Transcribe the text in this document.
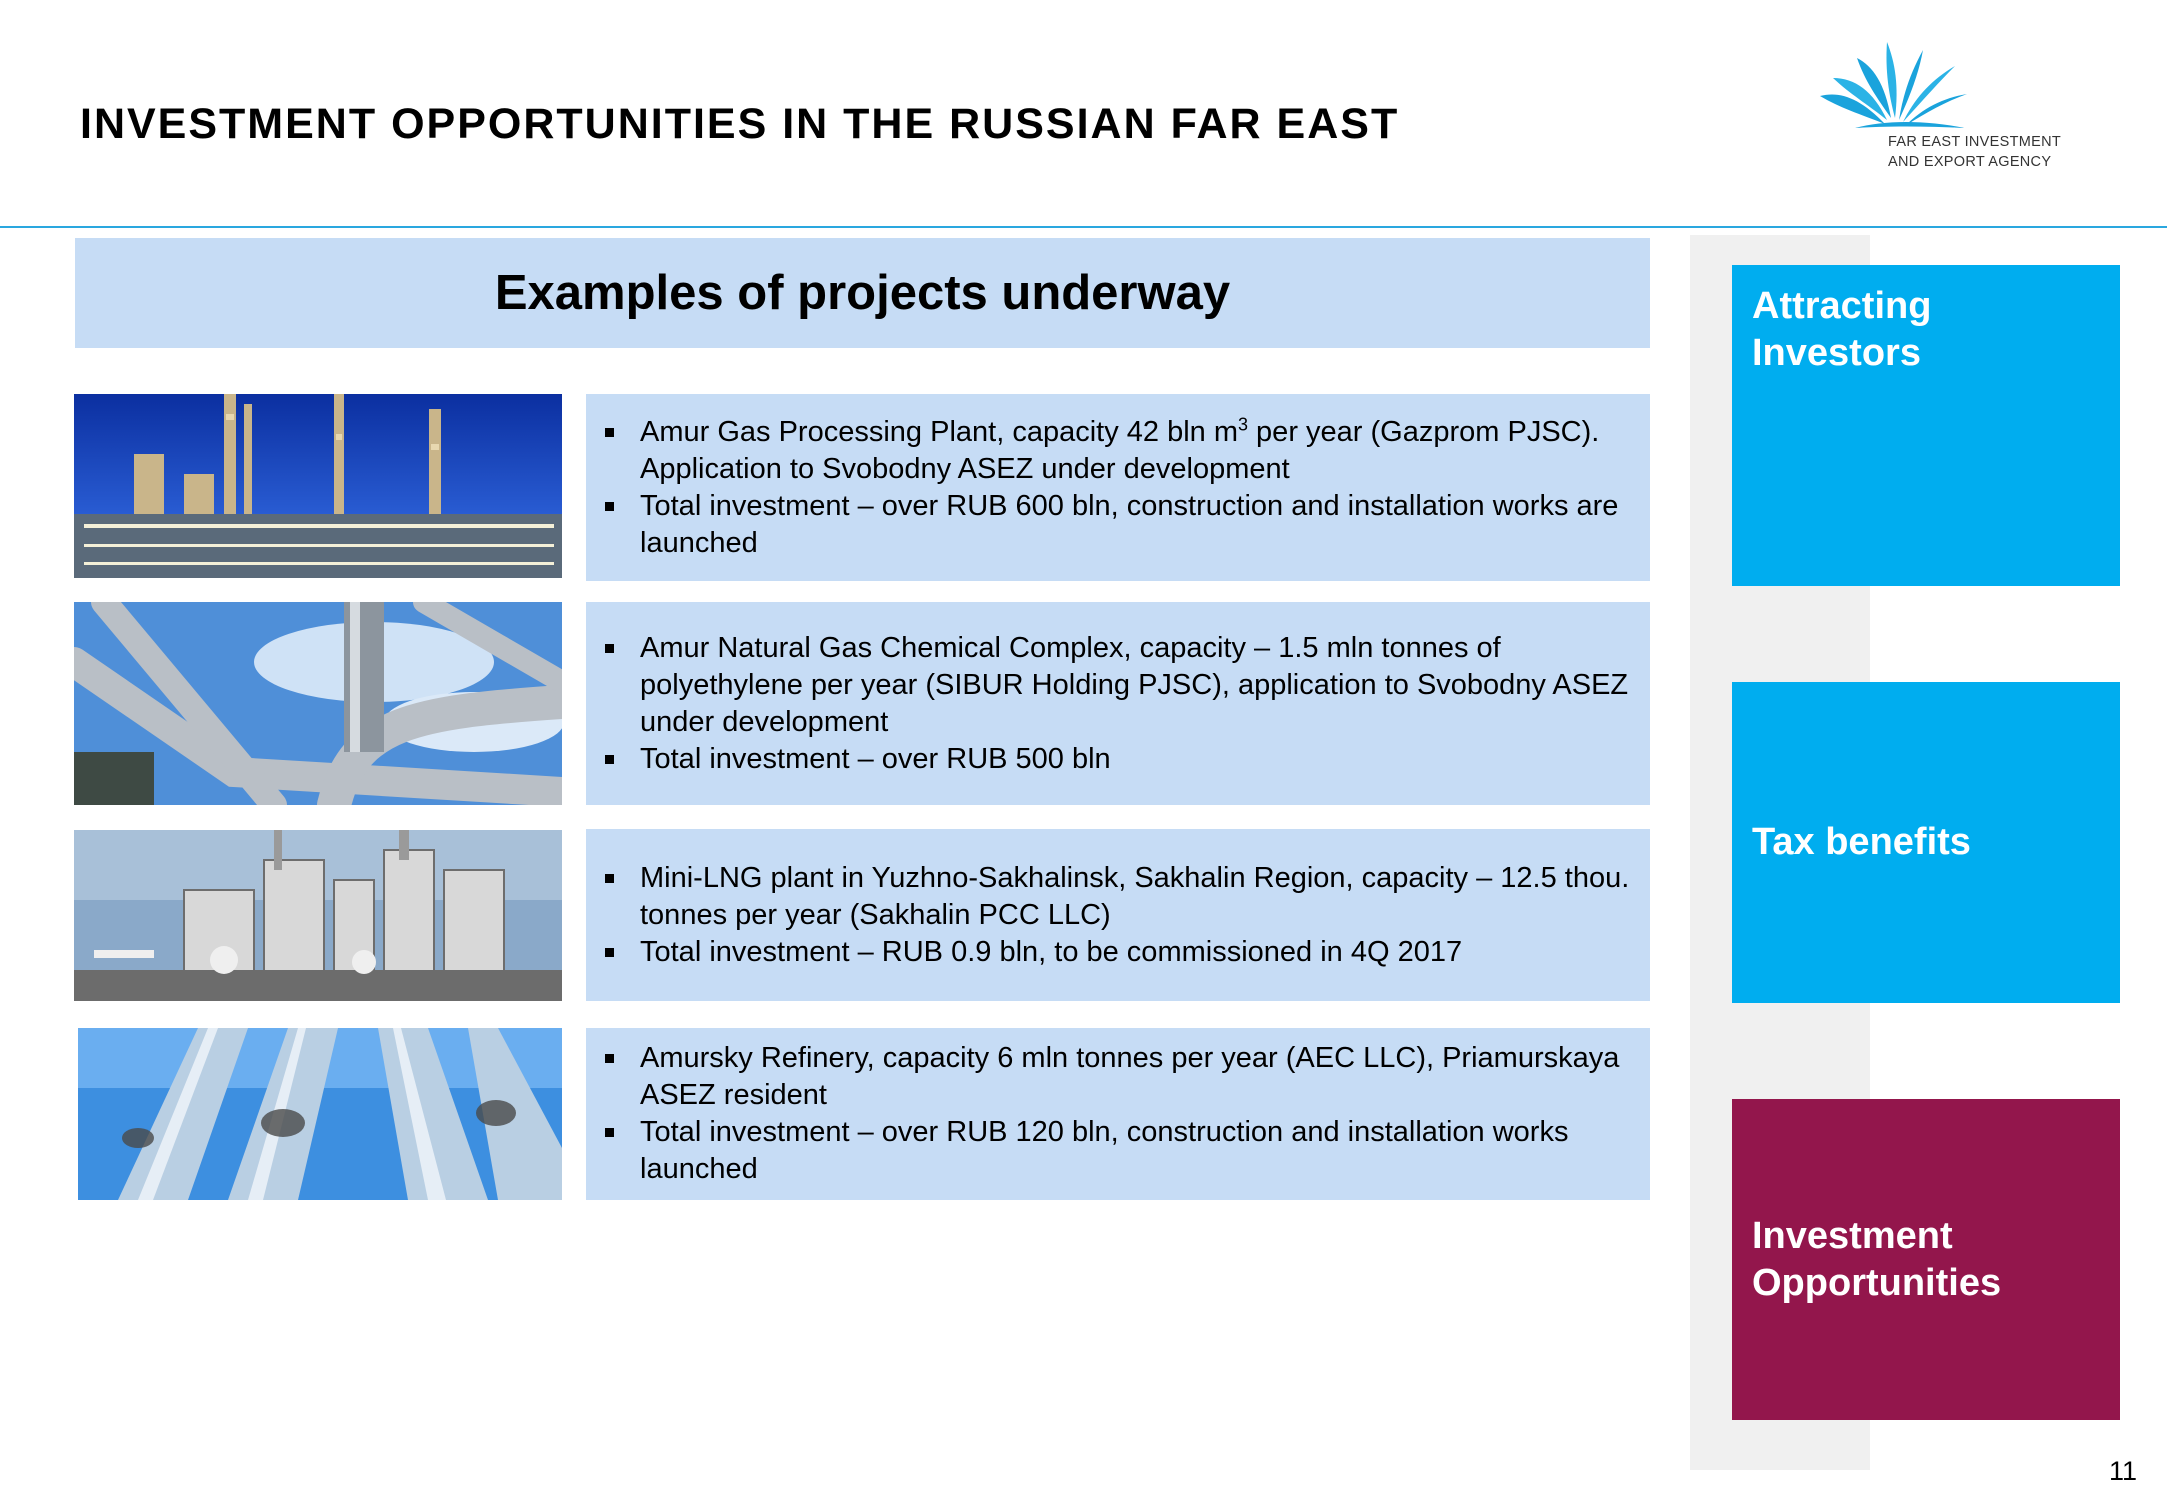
INVESTMENT OPPORTUNITIES IN THE RUSSIAN FAR EAST	FAR EAST INVESTMENT
AND EXPORT AGENCY
Examples of projects underway
Amur Gas Processing Plant, capacity 42 bln $m^3$ per year (Gazprom PJSC). Application to Svobodny ASEZ under development
Total investment – over RUB 600 bln, construction and installation works are launched
Amur Natural Gas Chemical Complex, capacity – 1.5 mln tonnes of polyethylene per year (SIBUR Holding PJSC), application to Svobodny ASEZ under development
Total investment – over RUB 500 bln
Mini-LNG plant in Yuzhno-Sakhalinsk, Sakhalin Region, capacity – 12.5 thou. tonnes per year (Sakhalin PCC LLC)
Total investment – RUB 0.9 bln, to be commissioned in 4Q 2017
Amursky Refinery, capacity 6 mln tonnes per year (AEC LLC), Priamurskaya ASEZ resident
Total investment – over RUB 120 bln, construction and installation works launched
Attracting Investors
Tax benefits
Investment Opportunities
11
